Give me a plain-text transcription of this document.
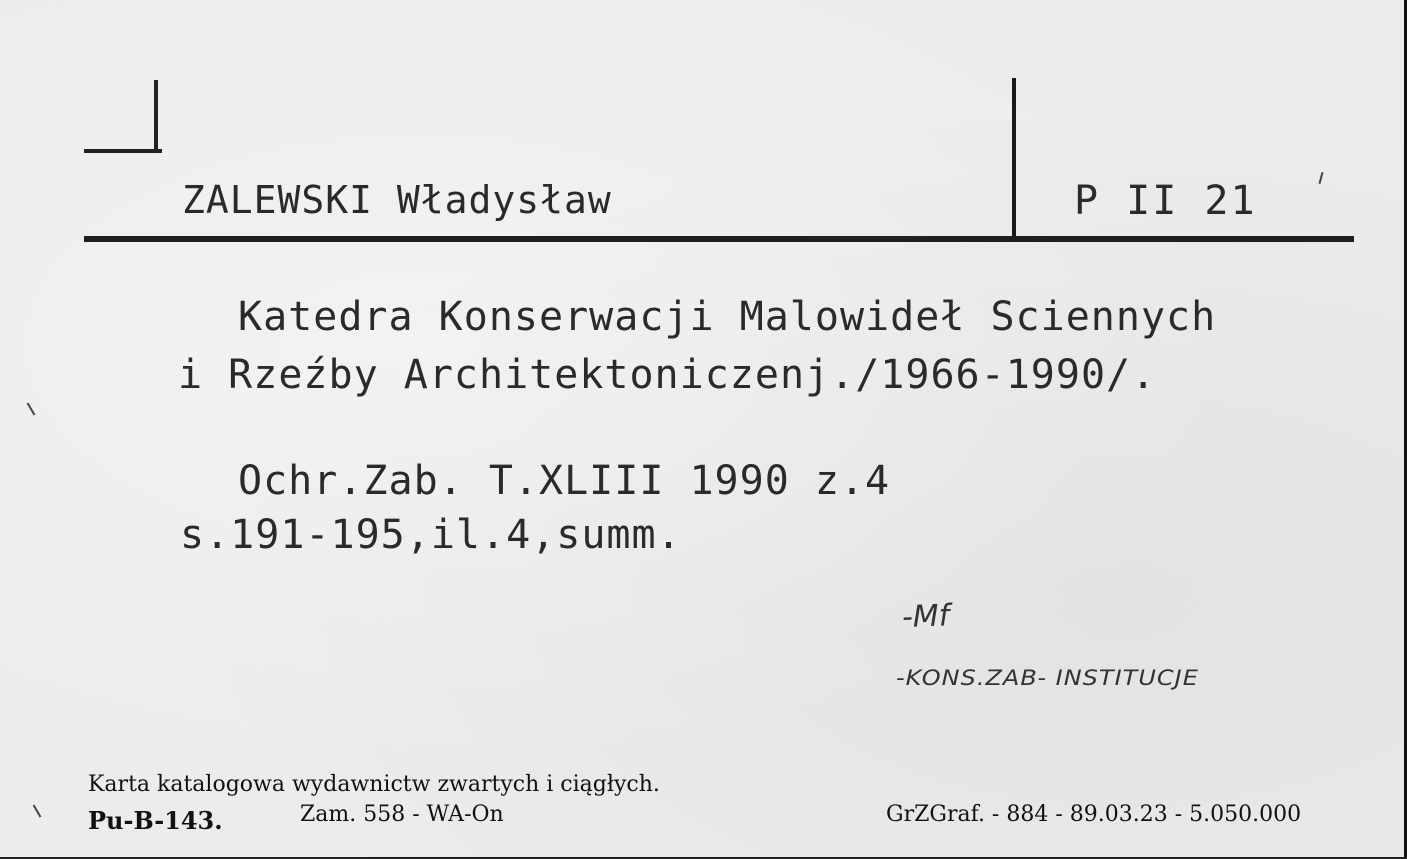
ZALEWSKI Władysław	P II 21
Katedra Konserwacji Malowideł Sciennych
i Rzeźby Architektoniczenj./1966-1990/.
Ochr.Zab. T.XLIII 1990 z.4
s.191-195,il.4,summ.
-Mf
-KONS.ZAB- INSTITUCJE
Karta katalogowa wydawnictw zwartych i ciągłych.
Pu-B-143.	Zam. 558 - WA-On	GrZGraf. - 884 - 89.03.23 - 5.050.000
